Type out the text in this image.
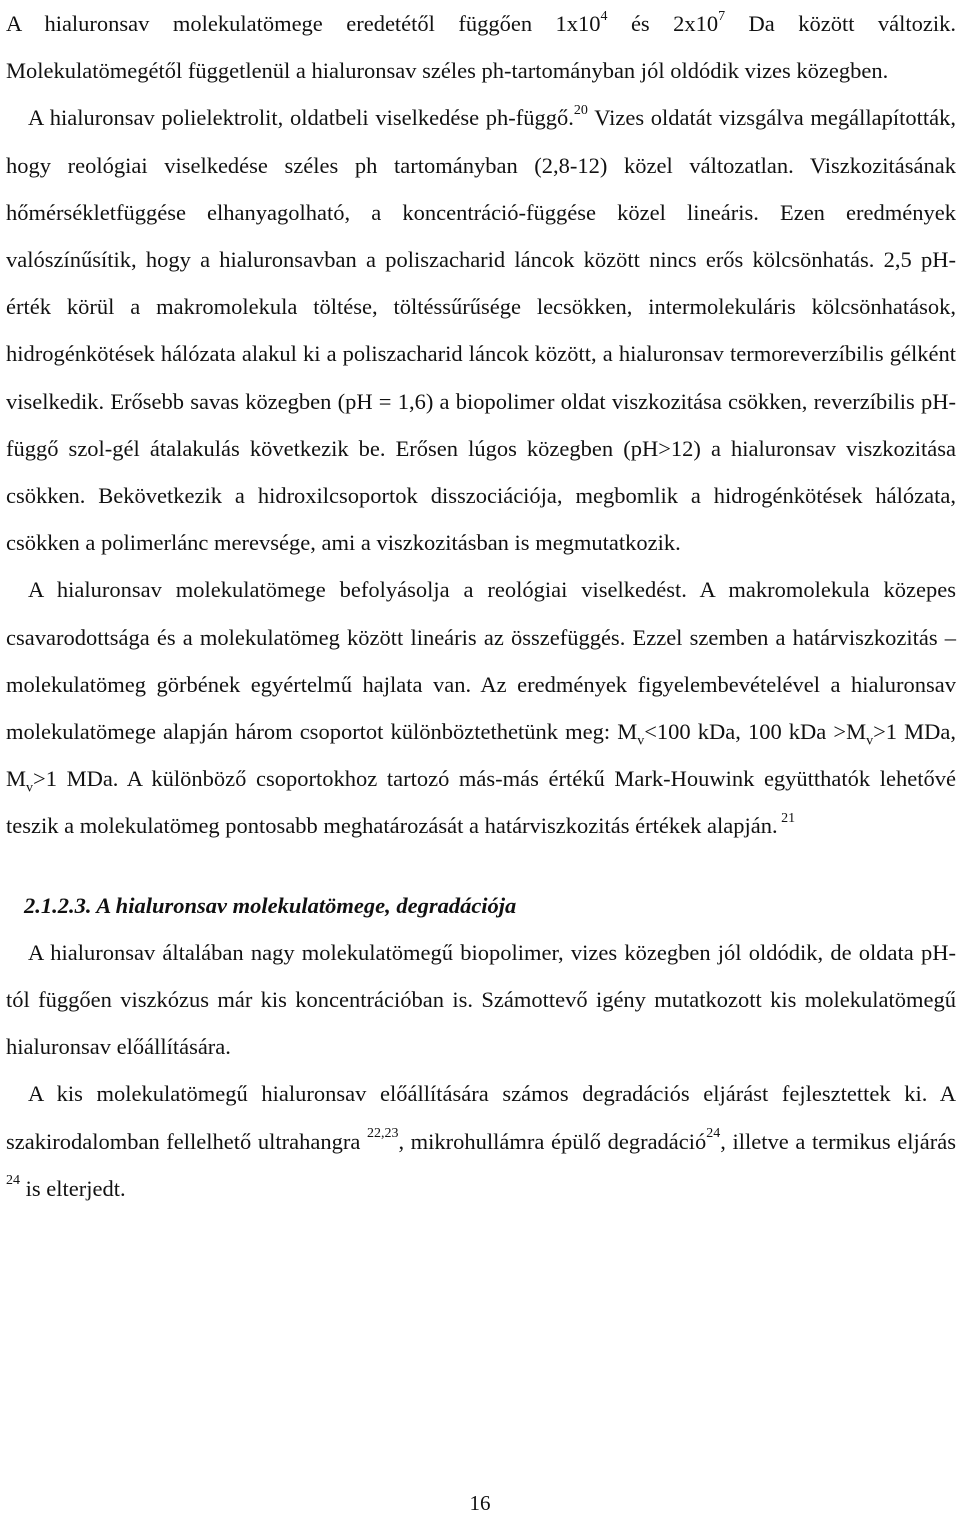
A hialuronsav molekulatömege eredetétől függően $1x10^4$ és $2x10^7$ Da között változik. Molekulatömegétől függetlenül a hialuronsav széles ph-tartományban jól oldódik vizes közegben.

A hialuronsav polielektrolit, oldatbeli viselkedése ph-függő.$^{20}$ Vizes oldatát vizsgálva megállapították, hogy reológiai viselkedése széles ph tartományban (2,8-12) közel változatlan. Viszkozitásának hőmérsékletfüggése elhanyagolható, a koncentráció-függése közel lineáris. Ezen eredmények valószínűsítik, hogy a hialuronsavban a poliszacharid láncok között nincs erős kölcsönhatás. 2,5 pH-érték körül a makromolekula töltése, töltéssűrűsége lecsökken, intermolekuláris kölcsönhatások, hidrogénkötések hálózata alakul ki a poliszacharid láncok között, a hialuronsav termoreverzíbilis gélként viselkedik. Erősebb savas közegben (pH = 1,6) a biopolimer oldat viszkozitása csökken, reverzíbilis pH-függő szol-gél átalakulás következik be. Erősen lúgos közegben (pH>12) a hialuronsav viszkozitása csökken. Bekövetkezik a hidroxilcsoportok disszociációja, megbomlik a hidrogénkötések hálózata, csökken a polimerlánc merevsége, ami a viszkozitásban is megmutatkozik.

A hialuronsav molekulatömege befolyásolja a reológiai viselkedést. A makromolekula közepes csavarodottsága és a molekulatömeg között lineáris az összefüggés. Ezzel szemben a határviszkozitás – molekulatömeg görbének egyértelmű hajlata van. Az eredmények figyelembevételével a hialuronsav molekulatömege alapján három csoportot különböztethetünk meg: $M_v<100$ kDa, 100 kDa $>M_v>1$ MDa, $M_v>1$ MDa. A különböző csoportokhoz tartozó más-más értékű Mark-Houwink együtthatók lehetővé teszik a molekulatömeg pontosabb meghatározását a határviszkozitás értékek alapján. $^{21}$

2.1.2.3. A hialuronsav molekulatömege, degradációja

A hialuronsav általában nagy molekulatömegű biopolimer, vizes közegben jól oldódik, de oldata pH-tól függően viszkózus már kis koncentrációban is. Számottevő igény mutatkozott kis molekulatömegű hialuronsav előállítására.

A kis molekulatömegű hialuronsav előállítására számos degradációs eljárást fejlesztettek ki. A szakirodalomban fellelhető ultrahangra $^{22,23}$, mikrohullámra épülő degradáció$^{24}$, illetve a termikus eljárás $^{24}$ is elterjedt.

16
